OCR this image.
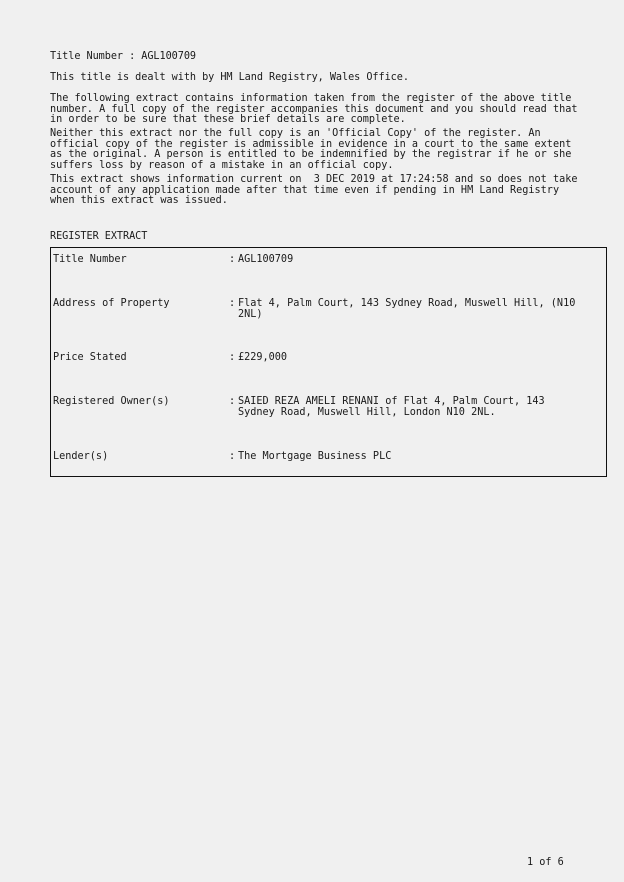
Title Number : AGL100709
This title is dealt with by HM Land Registry, Wales Office.
The following extract contains information taken from the register of the above title
number. A full copy of the register accompanies this document and you should read that
in order to be sure that these brief details are complete.
Neither this extract nor the full copy is an 'Official Copy' of the register. An
official copy of the register is admissible in evidence in a court to the same extent
as the original. A person is entitled to be indemnified by the registrar if he or she
suffers loss by reason of a mistake in an official copy.
This extract shows information current on  3 DEC 2019 at 17:24:58 and so does not take
account of any application made after that time even if pending in HM Land Registry
when this extract was issued.
REGISTER EXTRACT
Title Number	: AGL100709
Address of Property	: Flat 4, Palm Court, 143 Sydney Road, Muswell Hill, (N10
2NL)
Price Stated	: £229,000
Registered Owner(s)	: SAIED REZA AMELI RENANI of Flat 4, Palm Court, 143
Sydney Road, Muswell Hill, London N10 2NL.
Lender(s)	: The Mortgage Business PLC
1 of 6
